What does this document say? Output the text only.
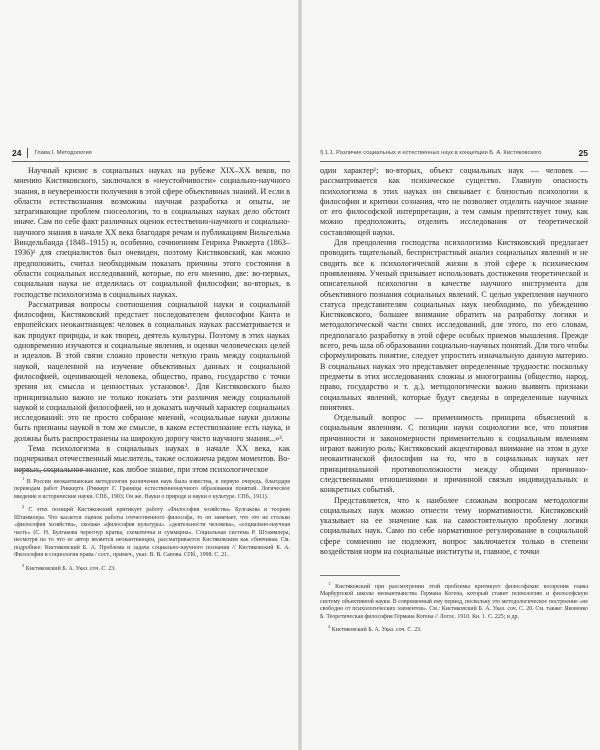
24 Глава I. Методология

Научный кризис в социальных науках на рубеже XIX–XX веков, по мнению Кистяковского, заключался в «неустойчивости» социально-научного знания, в неуверенности получения в этой сфере объективных знаний. И если в области естествознания возможны научная разработка и опыты, не затрагивающие проблем гносеологии, то в социальных науках дело обстоит иначе. Сам по себе факт различных оценок естественно-научного и социально-научного знания в начале XX века благодаря речам и публикациям Вильгельма Виндельбанда (1848–1915) и, особенно, сочинениям Генриха Риккерта (1863–1936)¹ для специалистов был очевиден, поэтому Кистяковский, как можно предположить, считал необходимым показать причины этого состояния в области социальных исследований, которые, по его мнению, две: во-первых, социальная наука не отделилась от социальной философии; во-вторых, в господстве психологизма в социальных науках.

Рассматривая вопросы соотношения социальной науки и социальной философии, Кистяковский предстает последователем философии Канта и европейских неокантианцев: человек в социальных науках рассматривается и как продукт природы, и как творец, деятель культуры. Поэтому в этих науках одновременно изучаются и социальные явления, и оценки человеческих целей и идеалов. В этой связи сложно провести четкую грань между социальной наукой, нацеленной на изучение объективных данных и социальной философией, оценивающей человека, общество, право, государство с точки зрения их смысла и ценностных установок². Для Кистяковского было принципиально важно не только показать эти различия между социальной наукой и социальной философией, но и доказать научный характер социальных исследований: это не просто собрание мнений, «социальные науки должны быть признаны наукой в том же смысле, в каком естествознание есть наука, и должны быть распространены на широкую дорогу чисто научного знания...»³.

Тема психологизма в социальных науках в начале XX века, как подчеркивал отечественный мыслитель, также осложнена рядом моментов. Во-первых, социальное знание, как любое знание, при этом психологическое

$^1$ В России неокантианская методология различения наук была известна, в первую очередь, благодаря переводам работ Риккерта (Риккерт Г. Границы естественнонаучного образования понятий. Логическое введение в исторические науки. СПб., 1903; Он же. Науки о природе и науки о культуре. СПб., 1911).

$^2$ С этих позиций Кистяковский критикует работу «Философия хозяйства» Булгакова и теорию Штаммлера. Что касается оценок работы отечественного философа, то он замечает, что это не столько «философия хозяйства», сколько «философия культуры». «деятельности человека», «социально-научная часть» (С. Н. Булгакова чересчур кратка, схематична и суммарна». Социальная система Р. Штаммлера, несмотря на то что ее автор является неокантианцем, рассматривается Кистяковским как сбивчивая. См. подробнее: Кистяковский Б. А. Проблема и задача социально-научного познания // Кистяковский Б. А. Философия и социология права / сост., примеч., указ. В. В. Сапова. СПб., 1998. С. 21.

$^3$ Кистяковский Б. А. Указ. соч. С. 23.

§ 1.1. Различие социальных и естественных наук в концепции Б. А. Кистяковского	25

один характер¹; во-вторых, объект социальных наук — человек — рассматривается как психическое существо. Главную опасность психологизма в этих науках он связывает с близостью психологии к философии и критики сознания, что не позволяет отделить научное знание от его философской интерпретации, а тем самым препятствует тому, как можно предположить, отделить исследования от теоретической составляющей науки.

Для преодоления господства психологизма Кистяковский предлагает проводить тщательный, беспристрастный анализ социальных явлений и не сводить все к психологической жизни в этой сфере к психическим проявлениям. Ученый призывает использовать достижения теоретической и описательной психологии в качестве научного инструмента для объективного познания социальных явлений. С целью укрепления научного статуса представителям социальных наук необходимо, по убеждению Кистяковского, большее внимание обратить на разработку логики и методологической части своих исследований, для этого, по его словам, предполагало разработку в этой сфере особых приемов мышления. Прежде всего, речь шла об образовании социально-научных понятий. Для того чтобы сформулировать понятие, следует упростить изначальную данную материю. В социальных науках это представляет определенные трудности: поскольку предметы в этих исследованиях сложны и многогранны (общество, народ, право, государство и т. д.), методологически важно выявить признаки социальных явлений, которые будут сведены в определенные научных понятиях.

Отдельный вопрос — применимость принципа объяснений к социальным явлениям. С позиции науки социологии все, что понятия причинности и закономерности применительно к социальным явлениям играют важную роль; Кистяковский акцентировал внимание на этом в духе неокантианской философии на то, что в социальных науках нет принципиальной противоположности между общими причинно-следственными отношениями и причинной связью индивидуальных и конкретных событий.

Представляется, что к наиболее сложным вопросам методологии социальных наук можно отнести тему нормативности. Кистяковский указывает на ее значение как на самостоятельную проблему логики социальных наук. Само по себе нормативное регулирование в социальной сфере сомнению не подлежит, вопрос заключается только в степени воздействия норм на социальные институты и, главное, с точки

$^1$ Кистяковский при рассмотрении этой проблемы критикует философские воззрения главы Марбургской школы неокантианства Германа Когена, который ставит психологию и философскую систему объективной науки. В современный ему период, поскольку это методологическое построение «не свободно от психологических элементов». См.: Кистяковский Б. А. Указ. соч. С. 20. См. также: Яковенко Б. Теоретическая философия Германа Когена // Логос. 1910. Кн. 1. С. 225; и др.

$^2$ Кистяковский Б. А. Указ. соч. С. 23.
